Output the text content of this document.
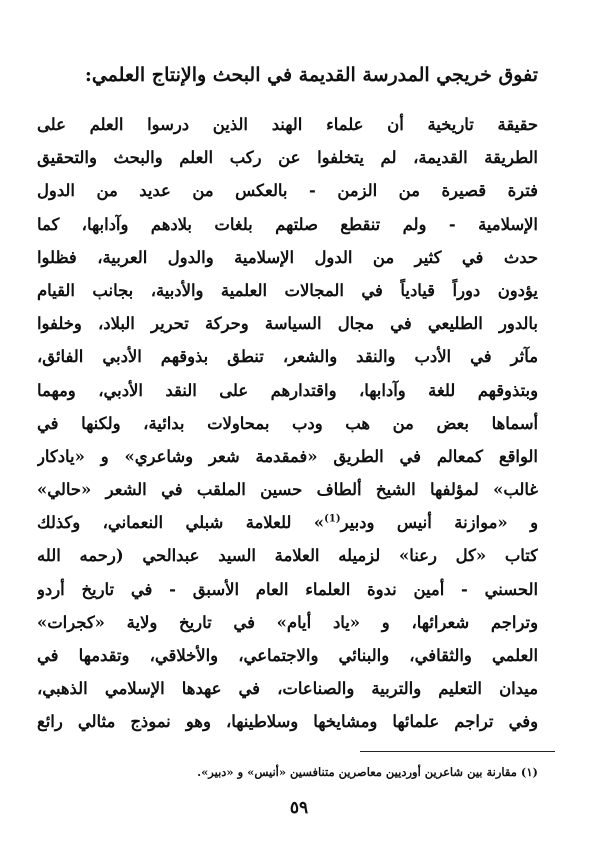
تفوق خريجي المدرسة القديمة في البحث والإنتاج العلمي:
حقيقة تاريخية أن علماء الهند الذين درسوا العلم على
الطريقة القديمة، لم يتخلفوا عن ركب العلم والبحث والتحقيق
فترة قصيرة من الزمن - بالعكس من عديد من الدول
الإسلامية - ولم تنقطع صلتهم بلغات بلادهم وآدابها، كما
حدث في كثير من الدول الإسلامية والدول العربية، فظلوا
يؤدون دوراً قيادياً في المجالات العلمية والأدبية، بجانب القيام
بالدور الطليعي في مجال السياسة وحركة تحرير البلاد، وخلفوا
مآثر في الأدب والنقد والشعر، تنطق بذوقهم الأدبي الفائق،
وبتذوقهم للغة وآدابها، واقتدارهم على النقد الأدبي، ومهما
أسماها بعض من هب ودب بمحاولات بدائية، ولكنها في
الواقع كمعالم في الطريق «فمقدمة شعر وشاعري» و «يادكار
غالب» لمؤلفها الشيخ ألطاف حسين الملقب في الشعر «حالي»
و «موازنة أنيس ودبير$^{(1)}$» للعلامة شبلي النعماني، وكذلك
كتاب «كل رعنا» لزميله العلامة السيد عبدالحي (رحمه الله
الحسني - أمين ندوة العلماء العام الأسبق - في تاريخ أردو
وتراجم شعرائها، و «ياد أيام» في تاريخ ولاية «كجرات»
العلمي والثقافي، والبنائي والاجتماعي، والأخلاقي، وتقدمها في
ميدان التعليم والتربية والصناعات، في عهدها الإسلامي الذهبي،
وفي تراجم علمائها ومشايخها وسلاطينها، وهو نموذج مثالي رائع
(١) مقارنة بين شاعرين أورديين معاصرين متنافسين «أنيس» و «دبير».
٥٩
